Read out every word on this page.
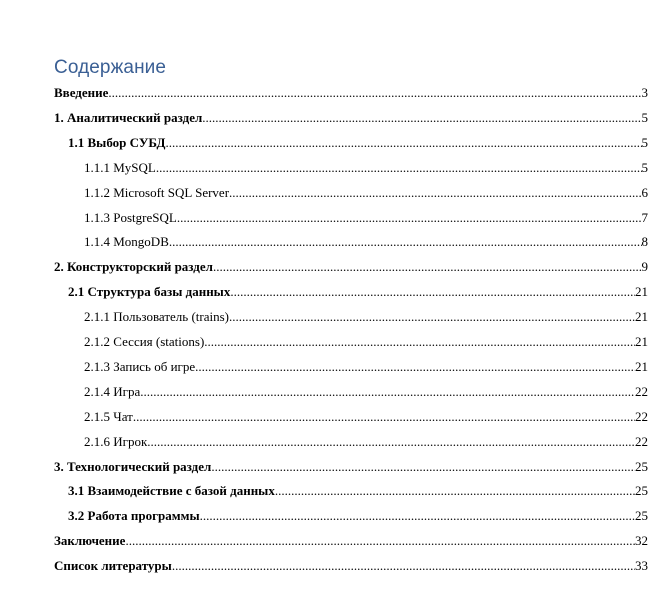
Содержание
Введение .....	3
1. Аналитический раздел .....	5
1.1 Выбор СУБД .....	5
1.1.1 MySQL .....	5
1.1.2 Microsoft SQL Server .....	6
1.1.3 PostgreSQL .....	7
1.1.4 MongoDB .....	8
2. Конструкторский раздел .....	9
2.1 Структура базы данных .....	21
2.1.1 Пользователь (trains) .....	21
2.1.2 Сессия (stations) .....	21
2.1.3 Запись об игре .....	21
2.1.4 Игра .....	22
2.1.5 Чат .....	22
2.1.6 Игрок .....	22
3. Технологический раздел .....	25
3.1 Взаимодействие с базой данных .....	25
3.2 Работа программы .....	25
Заключение .....	32
Список литературы .....	33
